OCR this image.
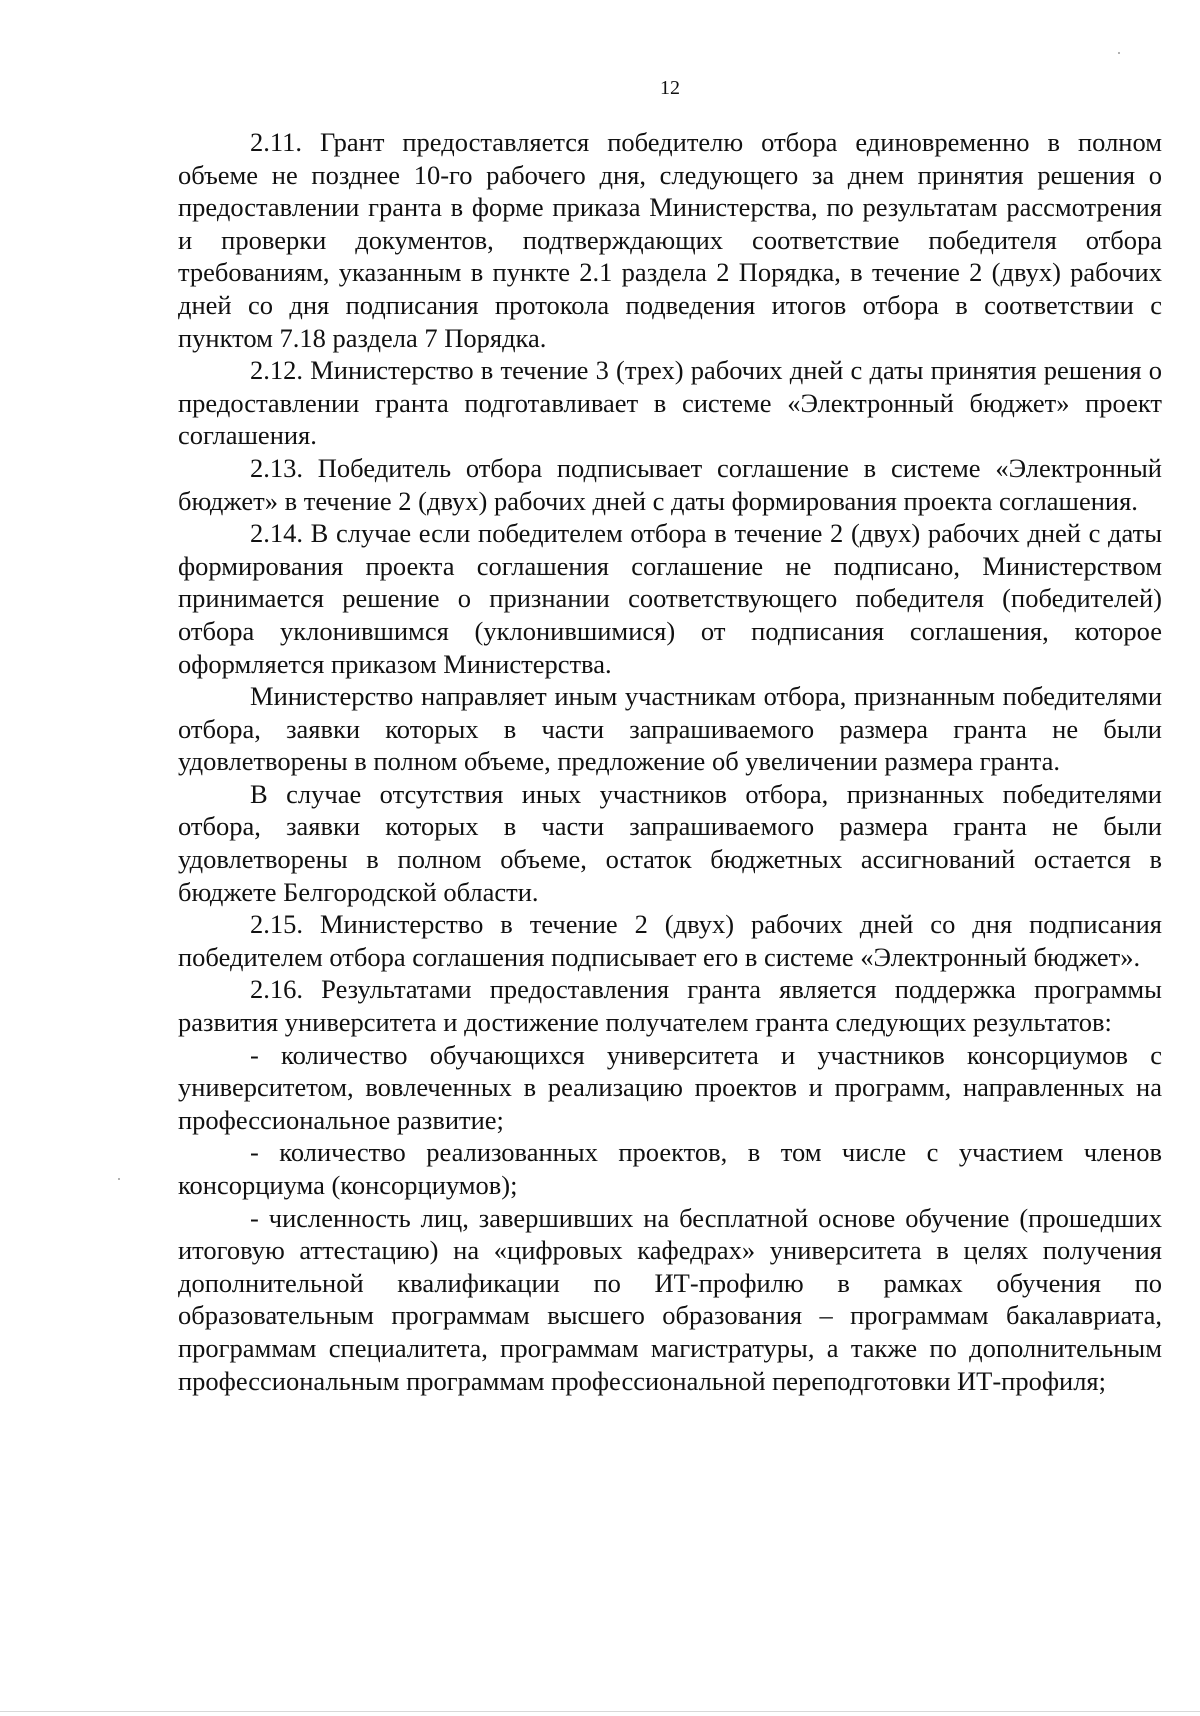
12

2.11. Грант предоставляется победителю отбора единовременно в полном объеме не позднее 10-го рабочего дня, следующего за днем принятия решения о предоставлении гранта в форме приказа Министерства, по результатам рассмотрения и проверки документов, подтверждающих соответствие победителя отбора требованиям, указанным в пункте 2.1 раздела 2 Порядка, в течение 2 (двух) рабочих дней со дня подписания протокола подведения итогов отбора в соответствии с пунктом 7.18 раздела 7 Порядка.

2.12. Министерство в течение 3 (трех) рабочих дней с даты принятия решения о предоставлении гранта подготавливает в системе «Электронный бюджет» проект соглашения.

2.13. Победитель отбора подписывает соглашение в системе «Электронный бюджет» в течение 2 (двух) рабочих дней с даты формирования проекта соглашения.

2.14. В случае если победителем отбора в течение 2 (двух) рабочих дней с даты формирования проекта соглашения соглашение не подписано, Министерством принимается решение о признании соответствующего победителя (победителей) отбора уклонившимся (уклонившимися) от подписания соглашения, которое оформляется приказом Министерства.

Министерство направляет иным участникам отбора, признанным победителями отбора, заявки которых в части запрашиваемого размера гранта не были удовлетворены в полном объеме, предложение об увеличении размера гранта.

В случае отсутствия иных участников отбора, признанных победителями отбора, заявки которых в части запрашиваемого размера гранта не были удовлетворены в полном объеме, остаток бюджетных ассигнований остается в бюджете Белгородской области.

2.15. Министерство в течение 2 (двух) рабочих дней со дня подписания победителем отбора соглашения подписывает его в системе «Электронный бюджет».

2.16. Результатами предоставления гранта является поддержка программы развития университета и достижение получателем гранта следующих результатов:

- количество обучающихся университета и участников консорциумов с университетом, вовлеченных в реализацию проектов и программ, направленных на профессиональное развитие;

- количество реализованных проектов, в том числе с участием членов консорциума (консорциумов);

- численность лиц, завершивших на бесплатной основе обучение (прошедших итоговую аттестацию) на «цифровых кафедрах» университета в целях получения дополнительной квалификации по ИТ-профилю в рамках обучения по образовательным программам высшего образования – программам бакалавриата, программам специалитета, программам магистратуры, а также по дополнительным профессиональным программам профессиональной переподготовки ИТ-профиля;
